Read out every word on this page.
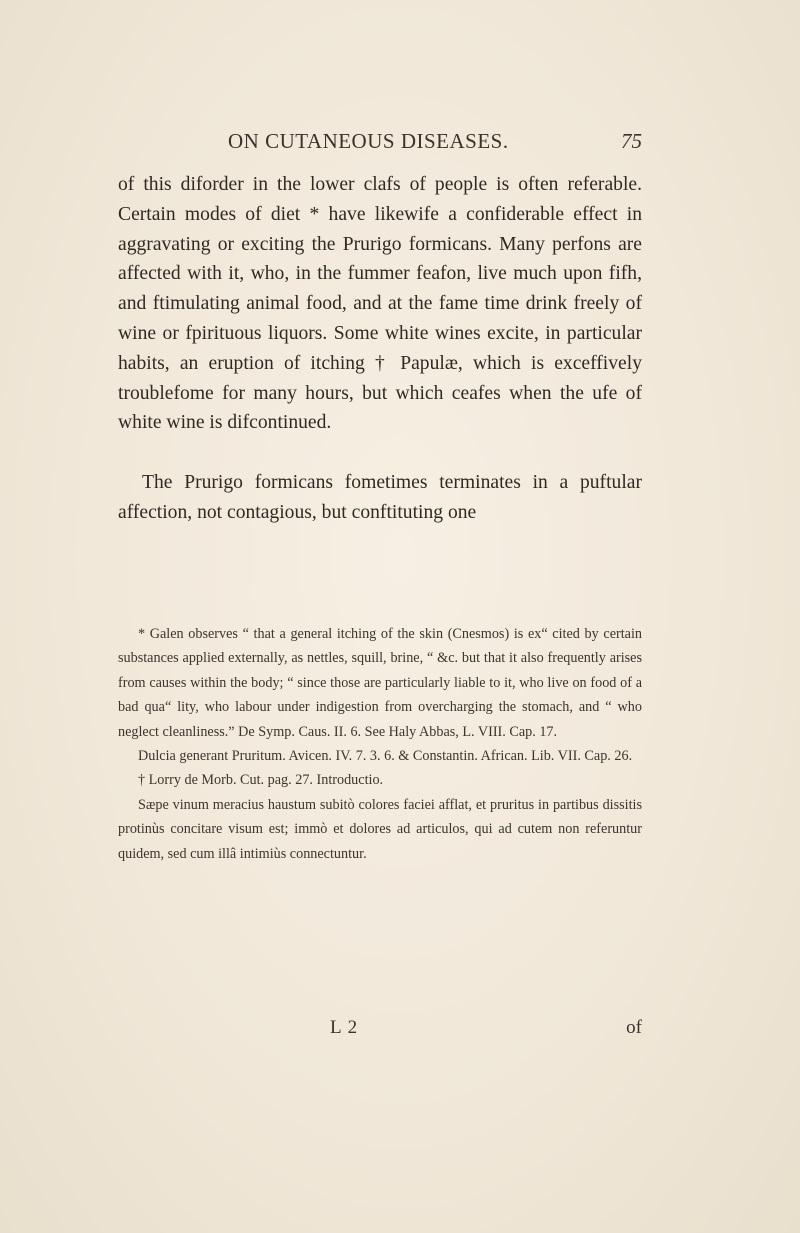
ON CUTANEOUS DISEASES.	75

of this diforder in the lower clafs of people is often referable. Certain modes of diet * have likewife a confiderable effect in aggravating or exciting the Prurigo formicans. Many perfons are affected with it, who, in the fummer feafon, live much upon fifh, and ftimulating animal food, and at the fame time drink freely of wine or fpirituous liquors. Some white wines excite, in particular habits, an eruption of itching † Papulæ, which is exceffively troublefome for many hours, but which ceafes when the ufe of white wine is difcontinued.

The Prurigo formicans fometimes terminates in a puftular affection, not contagious, but conftituting one

* Galen observes “ that a general itching of the skin (Cnesmos) is ex“ cited by certain substances applied externally, as nettles, squill, brine, “ &c. but that it also frequently arises from causes within the body; “ since those are particularly liable to it, who live on food of a bad qua“ lity, who labour under indigestion from overcharging the stomach, and “ who neglect cleanliness.” De Symp. Caus. II. 6. See Haly Abbas, L. VIII. Cap. 17.

Dulcia generant Pruritum. Avicen. IV. 7. 3. 6. & Constantin. African. Lib. VII. Cap. 26.

† Lorry de Morb. Cut. pag. 27. Introductio.

Sæpe vinum meracius haustum subitò colores faciei afflat, et pruritus in partibus dissitis protinùs concitare visum est; immò et dolores ad articulos, qui ad cutem non referuntur quidem, sed cum illâ intimiùs connectuntur.

L 2	of
